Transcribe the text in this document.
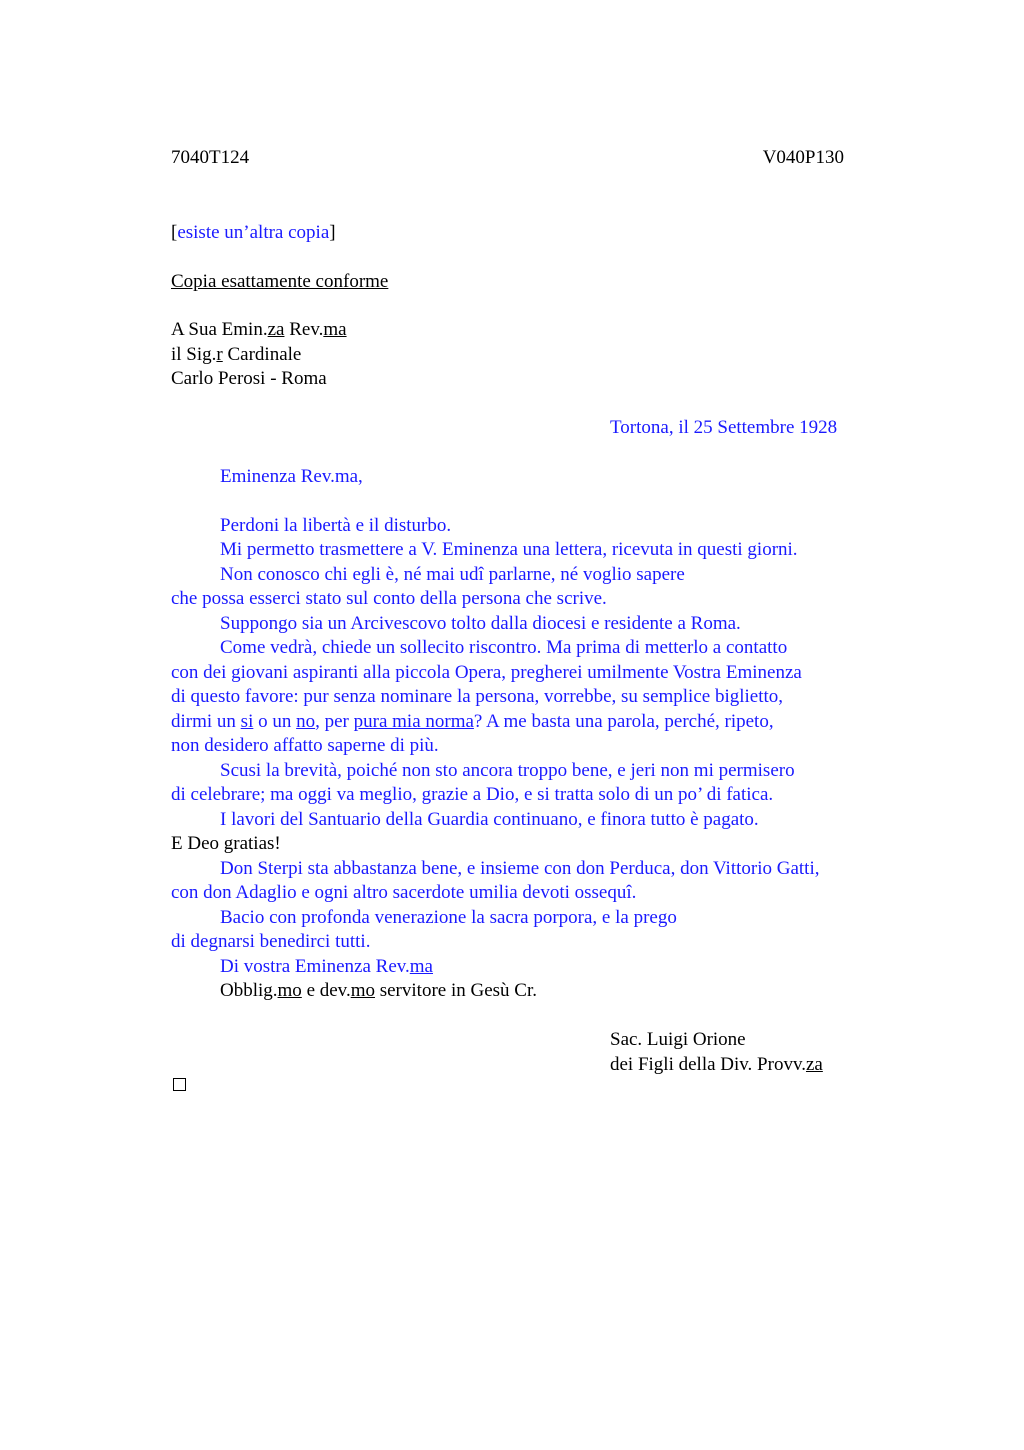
7040T124	V040P130
[esiste un’altra copia]
Copia esattamente conforme
A Sua Emin.za Rev.ma
il Sig.r Cardinale
Carlo Perosi - Roma
Tortona, il 25 Settembre 1928
Eminenza Rev.ma,
Perdoni la libertà e il disturbo.
Mi permetto trasmettere a V. Eminenza una lettera, ricevuta in questi giorni.
Non conosco chi egli è, né mai udî parlarne, né voglio sapere
che possa esserci stato sul conto della persona che scrive.
Suppongo sia un Arcivescovo tolto dalla diocesi e residente a Roma.
Come vedrà, chiede un sollecito riscontro. Ma prima di metterlo a contatto
con dei giovani aspiranti alla piccola Opera, pregherei umilmente Vostra Eminenza
di questo favore: pur senza nominare la persona, vorrebbe, su semplice biglietto,
dirmi un si o un no, per pura mia norma? A me basta una parola, perché, ripeto,
non desidero affatto saperne di più.
Scusi la brevità, poiché non sto ancora troppo bene, e jeri non mi permisero
di celebrare; ma oggi va meglio, grazie a Dio, e si tratta solo di un po’ di fatica.
I lavori del Santuario della Guardia continuano, e finora tutto è pagato.
E Deo gratias!
Don Sterpi sta abbastanza bene, e insieme con don Perduca, don Vittorio Gatti,
con don Adaglio e ogni altro sacerdote umilia devoti ossequî.
Bacio con profonda venerazione la sacra porpora, e la prego
di degnarsi benedirci tutti.
Di vostra Eminenza Rev.ma
Obblig.mo e dev.mo servitore in Gesù Cr.
Sac. Luigi Orione
dei Figli della Div. Provv.za
